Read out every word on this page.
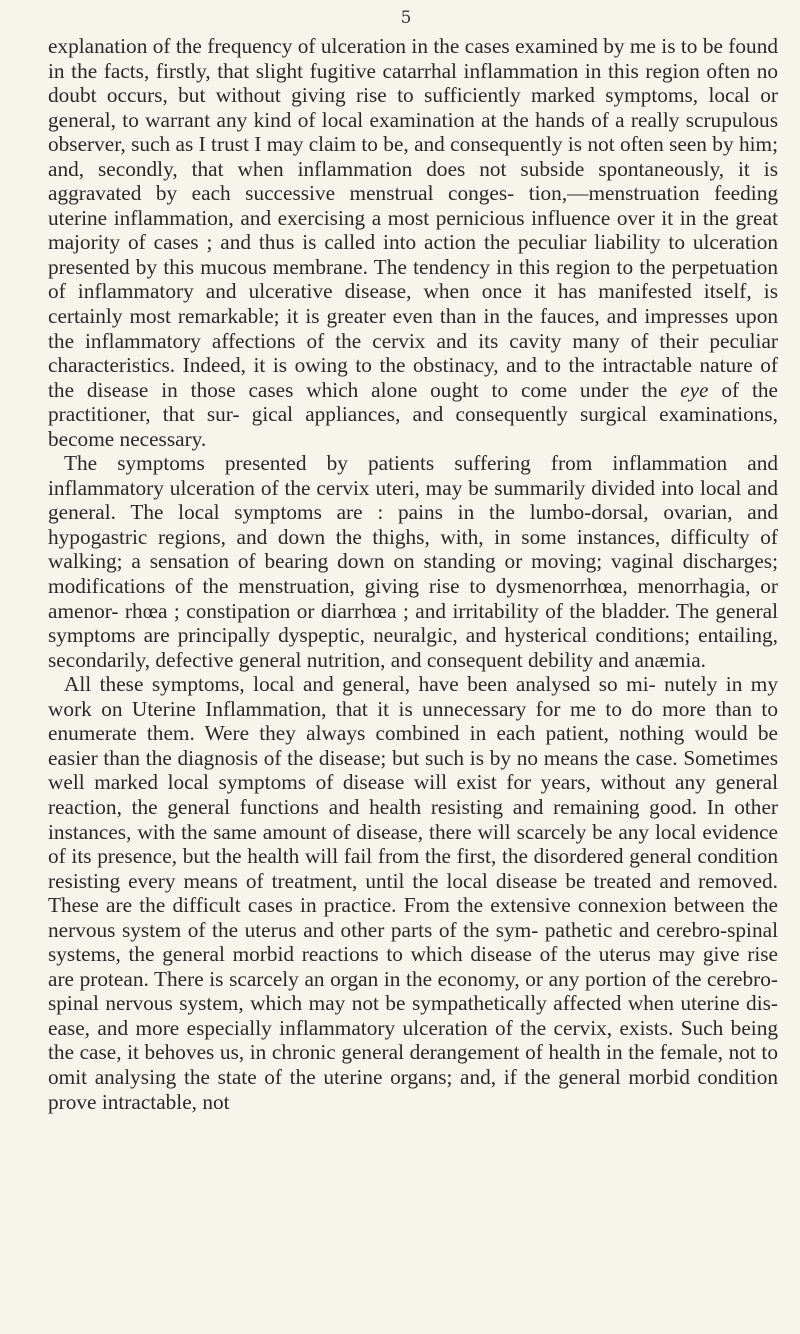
5

explanation of the frequency of ulceration in the cases examined by me is to be found in the facts, firstly, that slight fugitive catarrhal inflammation in this region often no doubt occurs, but without giving rise to sufficiently marked symptoms, local or general, to warrant any kind of local examination at the hands of a really scrupulous observer, such as I trust I may claim to be, and consequently is not often seen by him; and, secondly, that when inflammation does not subside spontaneously, it is aggravated by each successive menstrual conges- tion,—menstruation feeding uterine inflammation, and exercising a most pernicious influence over it in the great majority of cases ; and thus is called into action the peculiar liability to ulceration presented by this mucous membrane. The tendency in this region to the perpetuation of inflammatory and ulcerative disease, when once it has manifested itself, is certainly most remarkable; it is greater even than in the fauces, and impresses upon the inflammatory affections of the cervix and its cavity many of their peculiar characteristics. Indeed, it is owing to the obstinacy, and to the intractable nature of the disease in those cases which alone ought to come under the eye of the practitioner, that sur- gical appliances, and consequently surgical examinations, become necessary.

The symptoms presented by patients suffering from inflammation and inflammatory ulceration of the cervix uteri, may be summarily divided into local and general. The local symptoms are : pains in the lumbo-dorsal, ovarian, and hypogastric regions, and down the thighs, with, in some instances, difficulty of walking; a sensation of bearing down on standing or moving; vaginal discharges; modifications of the menstruation, giving rise to dysmenorrhœa, menorrhagia, or amenor- rhœa ; constipation or diarrhœa ; and irritability of the bladder. The general symptoms are principally dyspeptic, neuralgic, and hysterical conditions; entailing, secondarily, defective general nutrition, and consequent debility and anæmia.

All these symptoms, local and general, have been analysed so mi- nutely in my work on Uterine Inflammation, that it is unnecessary for me to do more than to enumerate them. Were they always combined in each patient, nothing would be easier than the diagnosis of the disease; but such is by no means the case. Sometimes well marked local symptoms of disease will exist for years, without any general reaction, the general functions and health resisting and remaining good. In other instances, with the same amount of disease, there will scarcely be any local evidence of its presence, but the health will fail from the first, the disordered general condition resisting every means of treatment, until the local disease be treated and removed. These are the difficult cases in practice. From the extensive connexion between the nervous system of the uterus and other parts of the sym- pathetic and cerebro-spinal systems, the general morbid reactions to which disease of the uterus may give rise are protean. There is scarcely an organ in the economy, or any portion of the cerebro-spinal nervous system, which may not be sympathetically affected when uterine dis- ease, and more especially inflammatory ulceration of the cervix, exists. Such being the case, it behoves us, in chronic general derangement of health in the female, not to omit analysing the state of the uterine organs; and, if the general morbid condition prove intractable, not
